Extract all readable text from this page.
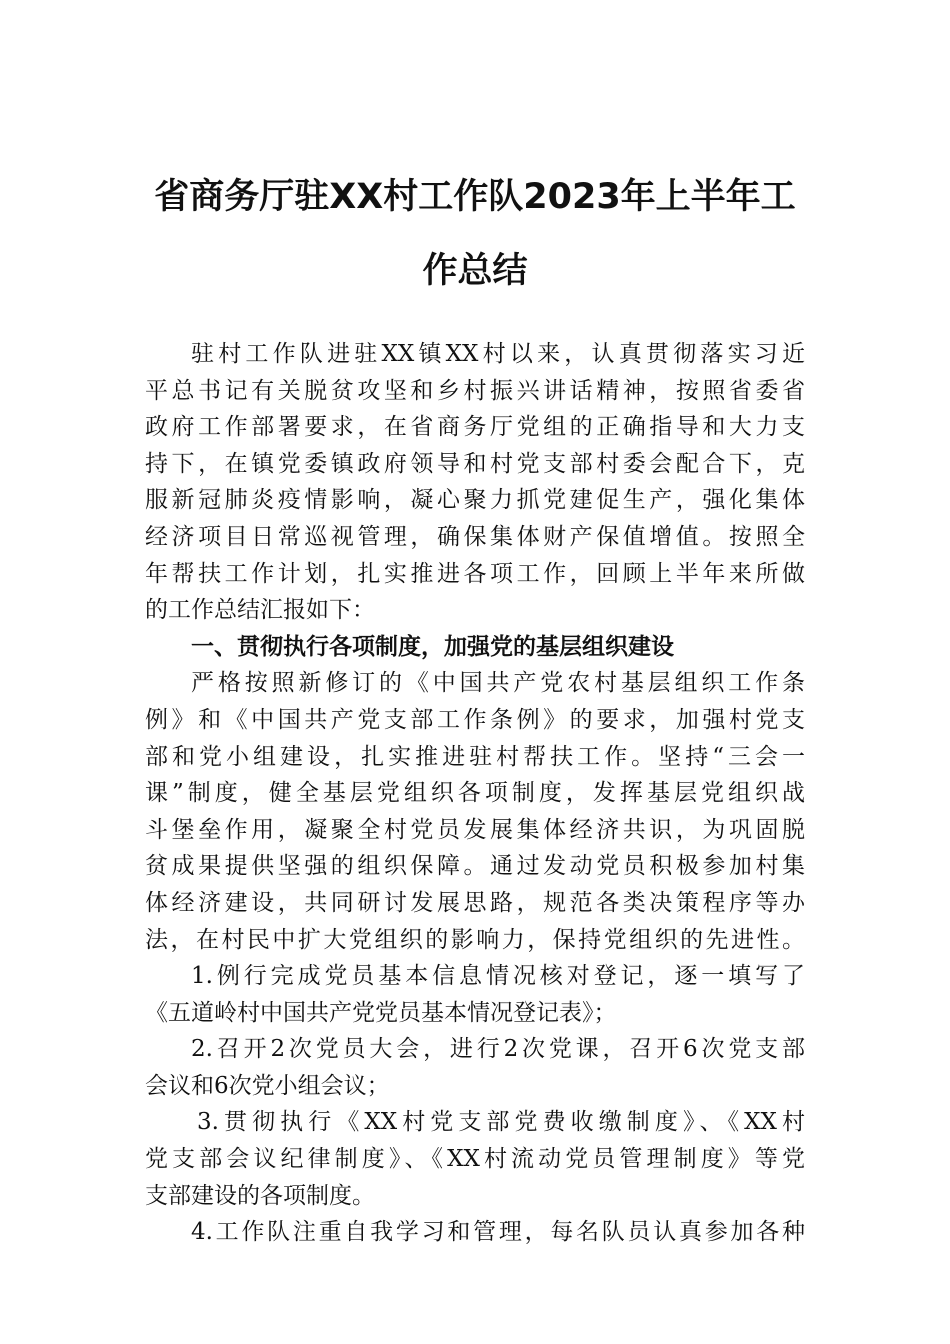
省商务厅驻XX村工作队2023年上半年工
作总结

驻村工作队进驻XX镇XX村以来，认真贯彻落实习近
平总书记有关脱贫攻坚和乡村振兴讲话精神，按照省委省
政府工作部署要求，在省商务厅党组的正确指导和大力支
持下，在镇党委镇政府领导和村党支部村委会配合下，克
服新冠肺炎疫情影响，凝心聚力抓党建促生产，强化集体
经济项目日常巡视管理，确保集体财产保值增值。按照全
年帮扶工作计划，扎实推进各项工作，回顾上半年来所做
的工作总结汇报如下：

一、贯彻执行各项制度，加强党的基层组织建设

严格按照新修订的《中国共产党农村基层组织工作条
例》和《中国共产党支部工作条例》的要求，加强村党支
部和党小组建设，扎实推进驻村帮扶工作。坚持“三会一
课”制度，健全基层党组织各项制度，发挥基层党组织战
斗堡垒作用，凝聚全村党员发展集体经济共识，为巩固脱
贫成果提供坚强的组织保障。通过发动党员积极参加村集
体经济建设，共同研讨发展思路，规范各类决策程序等办
法，在村民中扩大党组织的影响力，保持党组织的先进性。

1.例行完成党员基本信息情况核对登记，逐一填写了
《五道岭村中国共产党党员基本情况登记表》；

2.召开2次党员大会，进行2次党课，召开6次党支部
会议和6次党小组会议；

3.贯彻执行《XX村党支部党费收缴制度》、《XX村
党支部会议纪律制度》、《XX村流动党员管理制度》等党
支部建设的各项制度。

4.工作队注重自我学习和管理，每名队员认真参加各种
